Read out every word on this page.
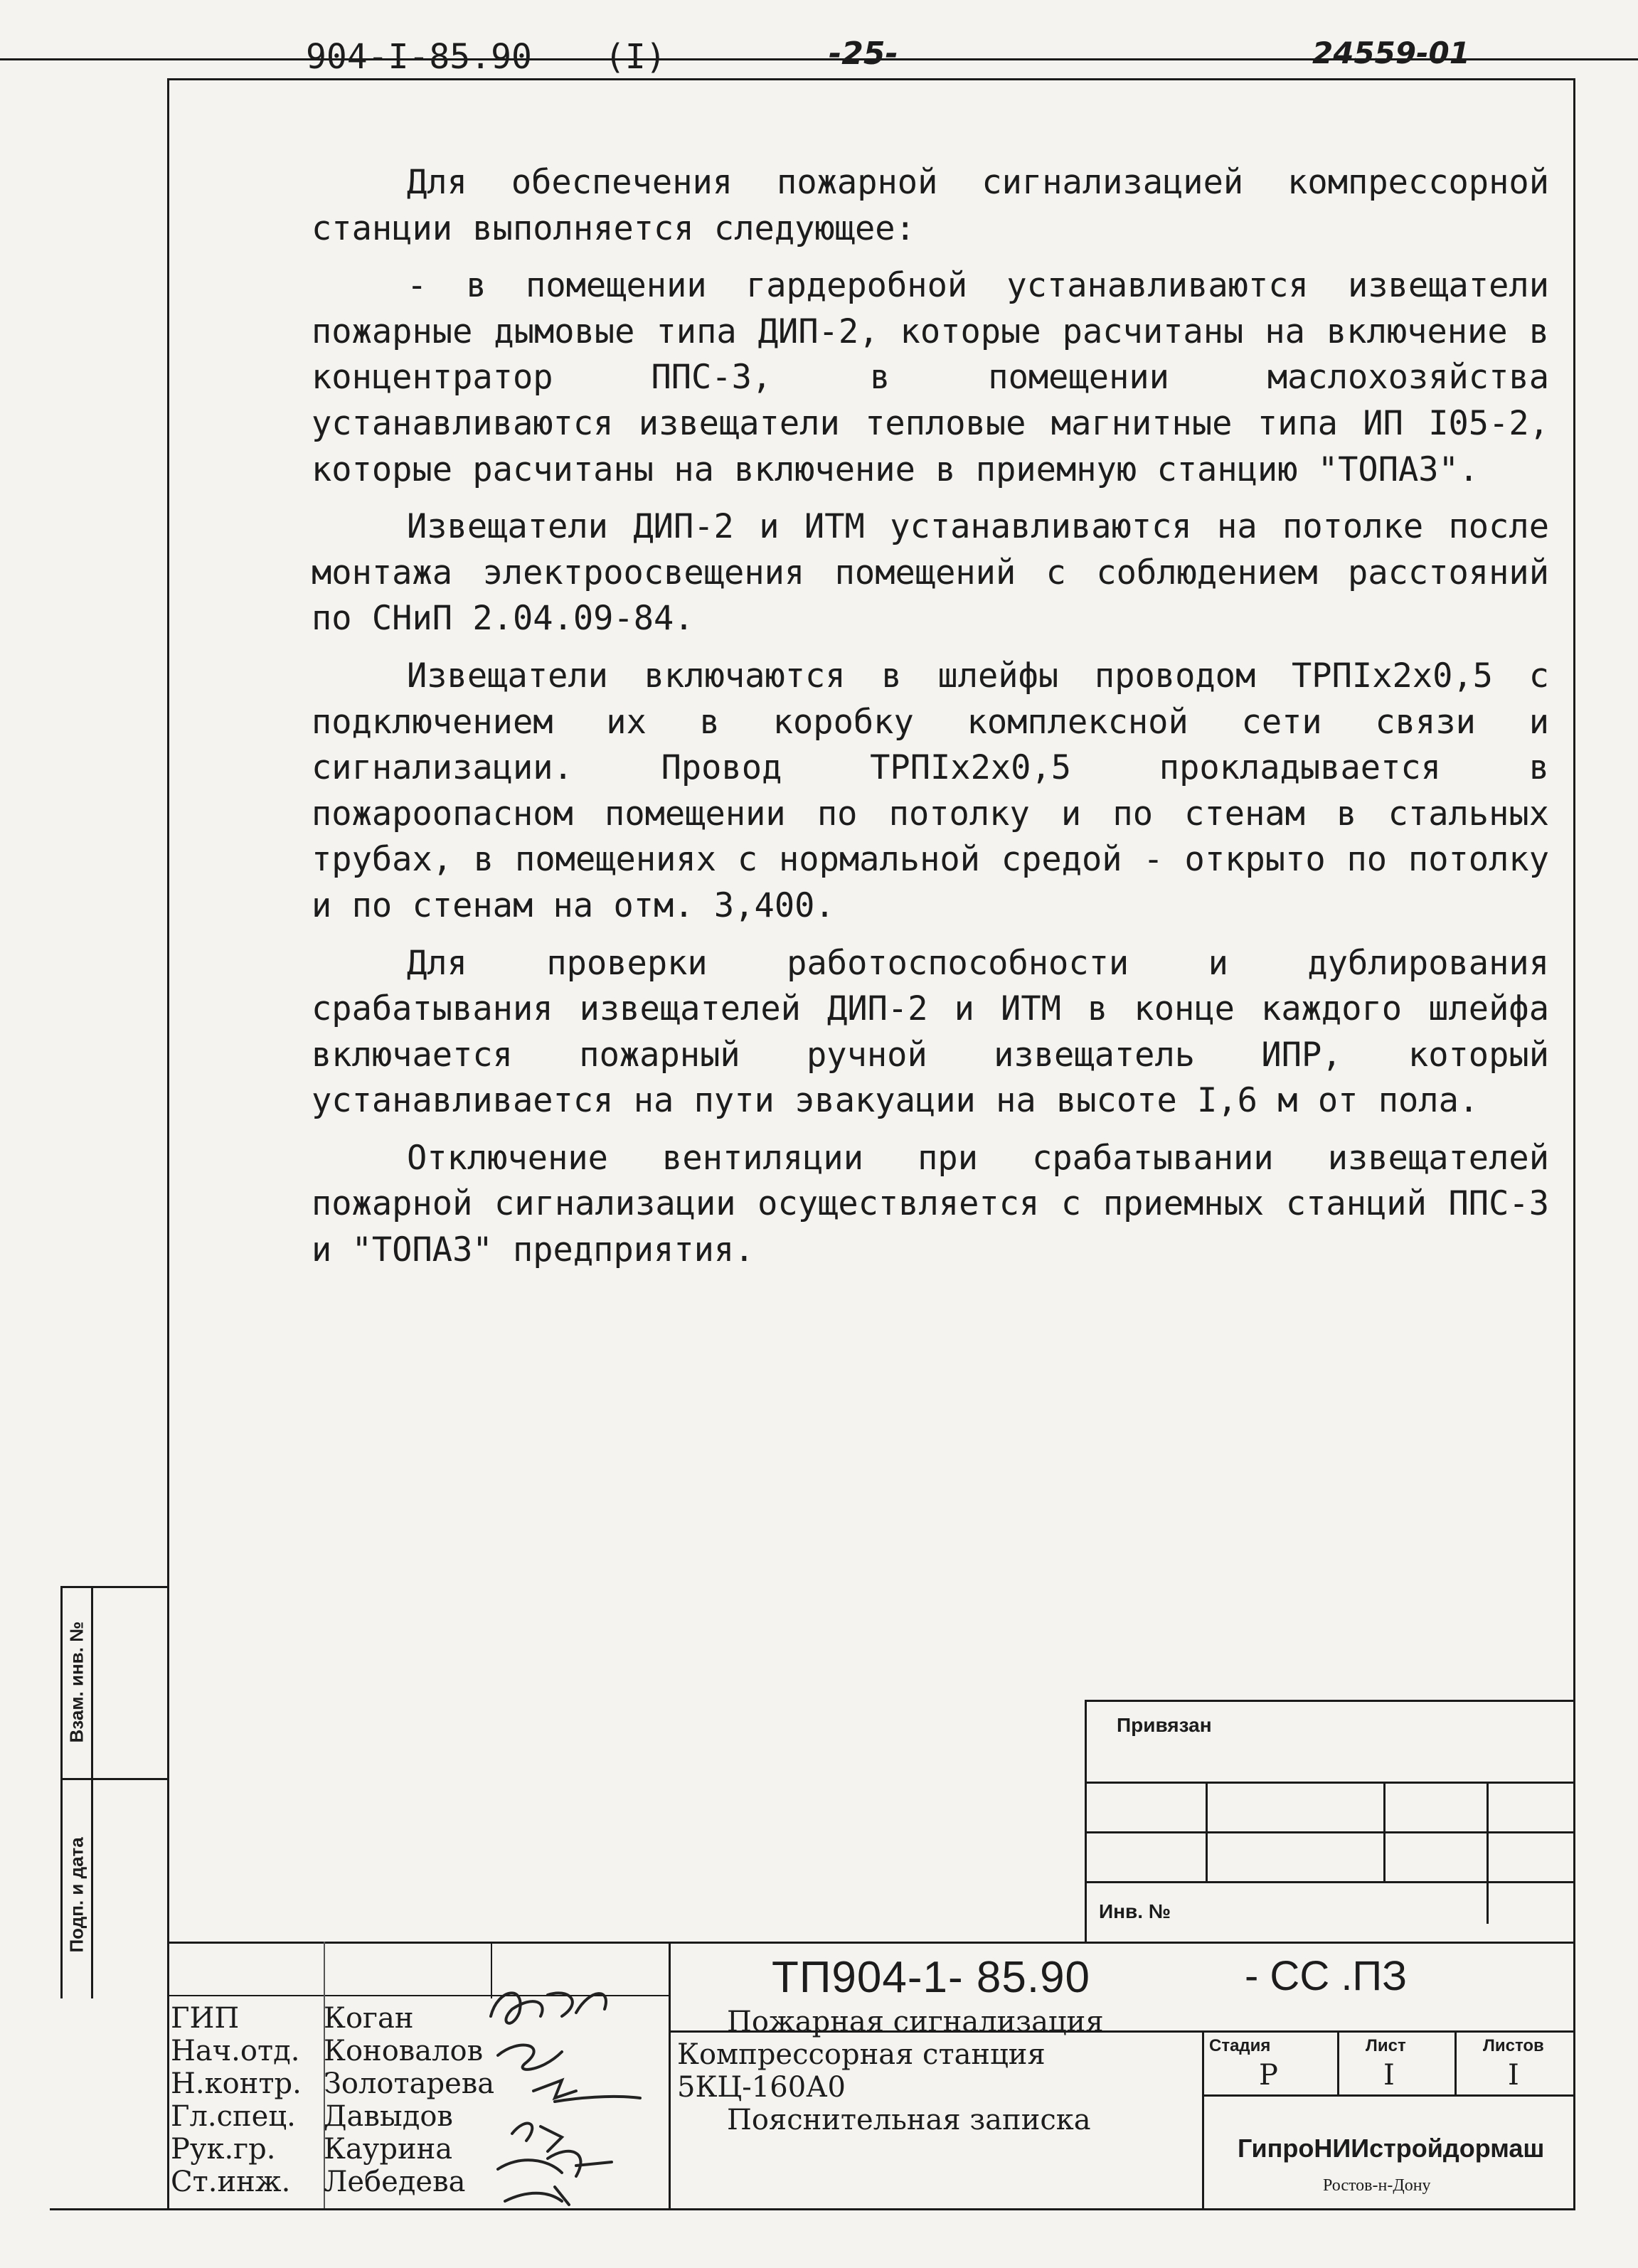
904-I-85.90 (I)	-25-	24559-01

Для обеспечения пожарной сигнализацией компрессорной станции выполняется следующее:

- в помещении гардеробной устанавливаются извещатели пожарные дымовые типа ДИП-2, которые расчитаны на включение в концентратор ППС-3, в помещении маслохозяйства устанавливаются извещатели тепловые магнитные типа ИП I05-2, которые расчитаны на включение в приемную станцию "ТОПАЗ".

Извещатели ДИП-2 и ИТМ устанавливаются на потолке после монтажа электроосвещения помещений с соблюдением расстояний по СНиП 2.04.09-84.

Извещатели включаются в шлейфы проводом ТРПIх2х0,5 с подключением их в коробку комплексной сети связи и сигнализации. Провод ТРПIх2х0,5 прокладывается в пожароопасном помещении по потолку и по стенам в стальных трубах, в помещениях с нормальной средой - открыто по потолку и по стенам на отм. 3,400.

Для проверки работоспособности и дублирования срабатывания извещателей ДИП-2 и ИТМ в конце каждого шлейфа включается пожарный ручной извещатель ИПР, который устанавливается на пути эвакуации на высоте I,6 м от пола.

Отключение вентиляции при срабатывании извещателей пожарной сигнализации осуществляется с приемных станций ППС-3 и "ТОПАЗ" предприятия.

Взам. инв. №
Подп. и дата
Привязан
Инв. №
ТП904-1- 85.90	- СС .ПЗ
Пожарная сигнализация
Компрессорная станция
5КЦ-160А0
Пояснительная записка
ГИП	Коган
Нач.отд. Коновалов
Н.контр. Золотарева
Гл.спец. Давыдов
Рук.гр. Каурина
Ст.инж. Лебедева
Стадия	Лист	Листов
Р	I	I
ГипроНИИстройдормаш
Ростов-н-Дону
